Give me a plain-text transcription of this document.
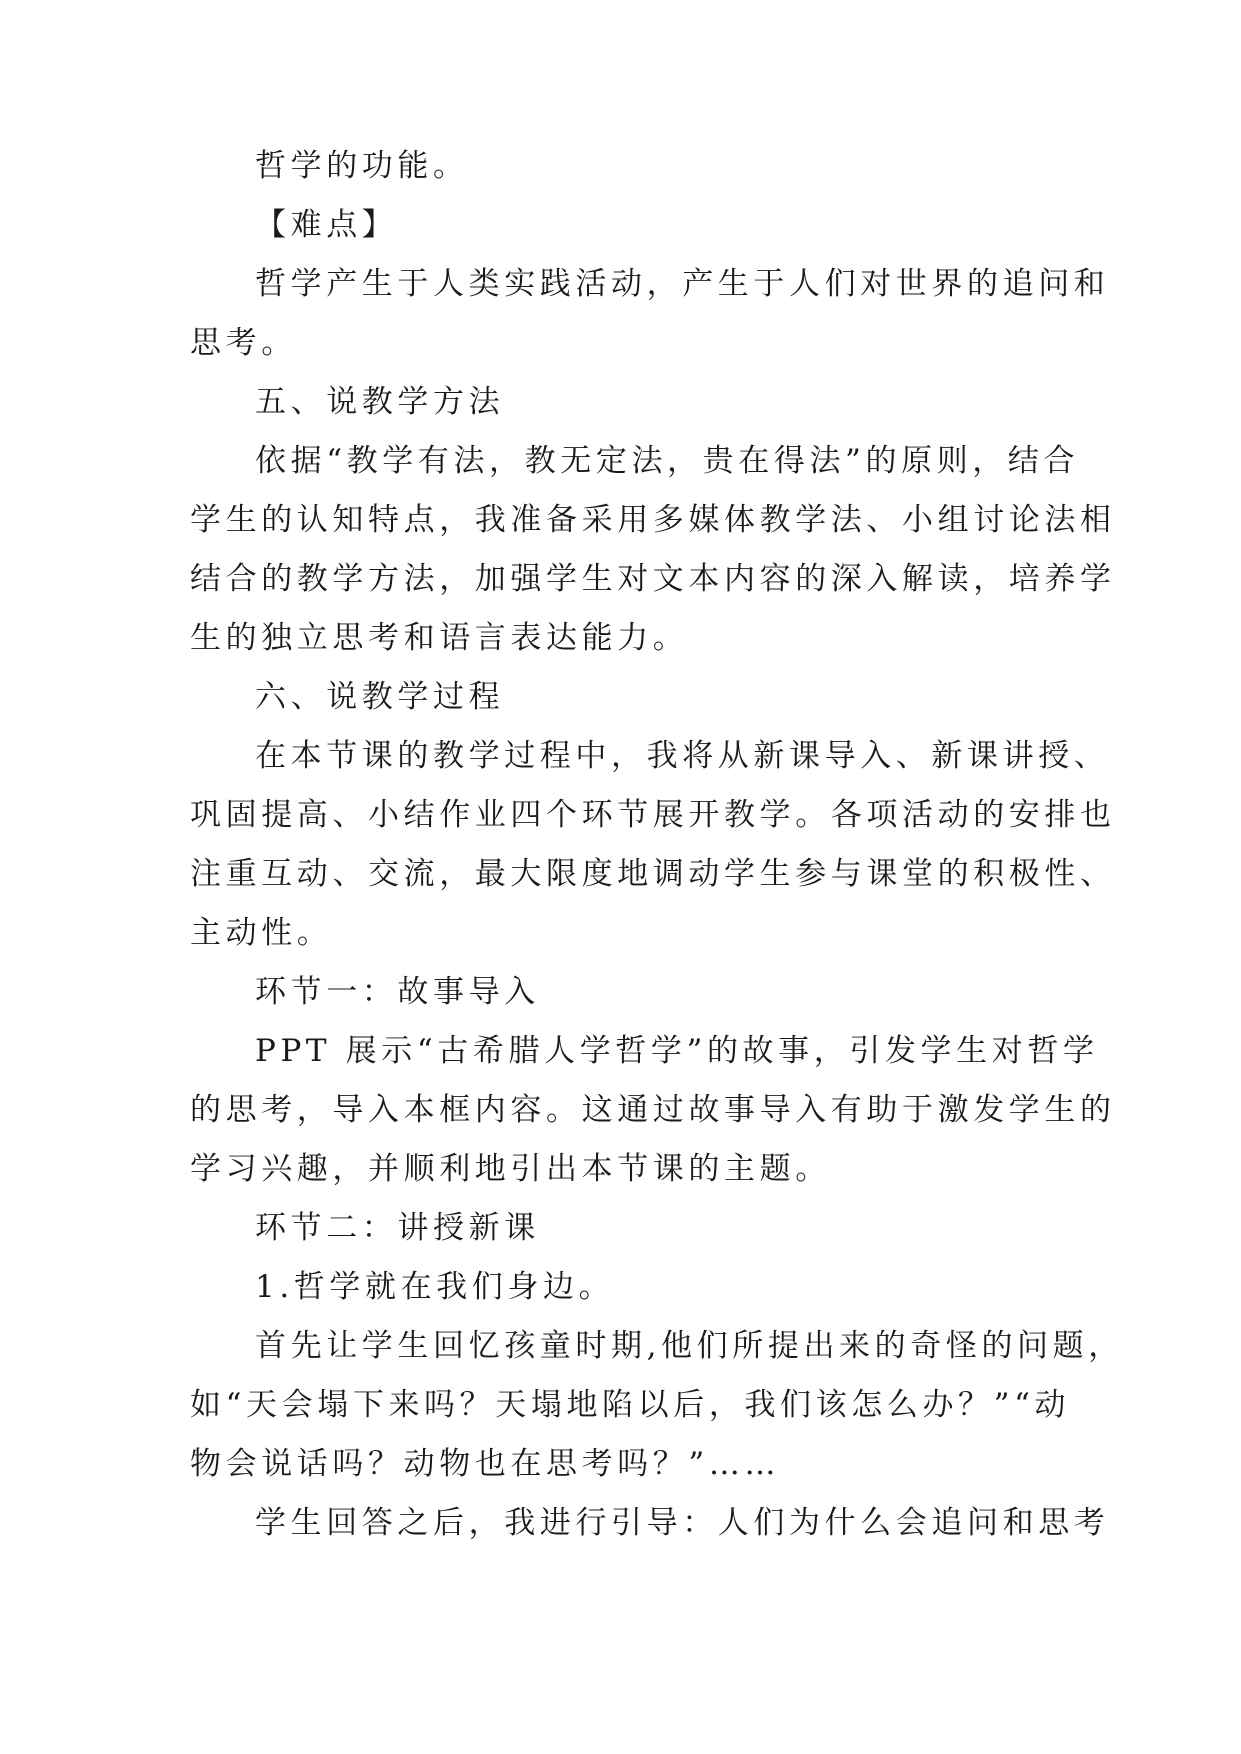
哲学的功能。
【难点】
哲学产生于人类实践活动，产生于人们对世界的追问和
思考。
五、说教学方法
依据“教学有法，教无定法，贵在得法”的原则，结合
学生的认知特点，我准备采用多媒体教学法、小组讨论法相
结合的教学方法，加强学生对文本内容的深入解读，培养学
生的独立思考和语言表达能力。
六、说教学过程
在本节课的教学过程中，我将从新课导入、新课讲授、
巩固提高、小结作业四个环节展开教学。各项活动的安排也
注重互动、交流，最大限度地调动学生参与课堂的积极性、
主动性。
环节一：故事导入
PPT 展示“古希腊人学哲学”的故事，引发学生对哲学
的思考，导入本框内容。这通过故事导入有助于激发学生的
学习兴趣，并顺利地引出本节课的主题。
环节二：讲授新课
1.哲学就在我们身边。
首先让学生回忆孩童时期,他们所提出来的奇怪的问题，
如“天会塌下来吗？天塌地陷以后，我们该怎么办？”“动
物会说话吗？动物也在思考吗？”……
学生回答之后，我进行引导：人们为什么会追问和思考
